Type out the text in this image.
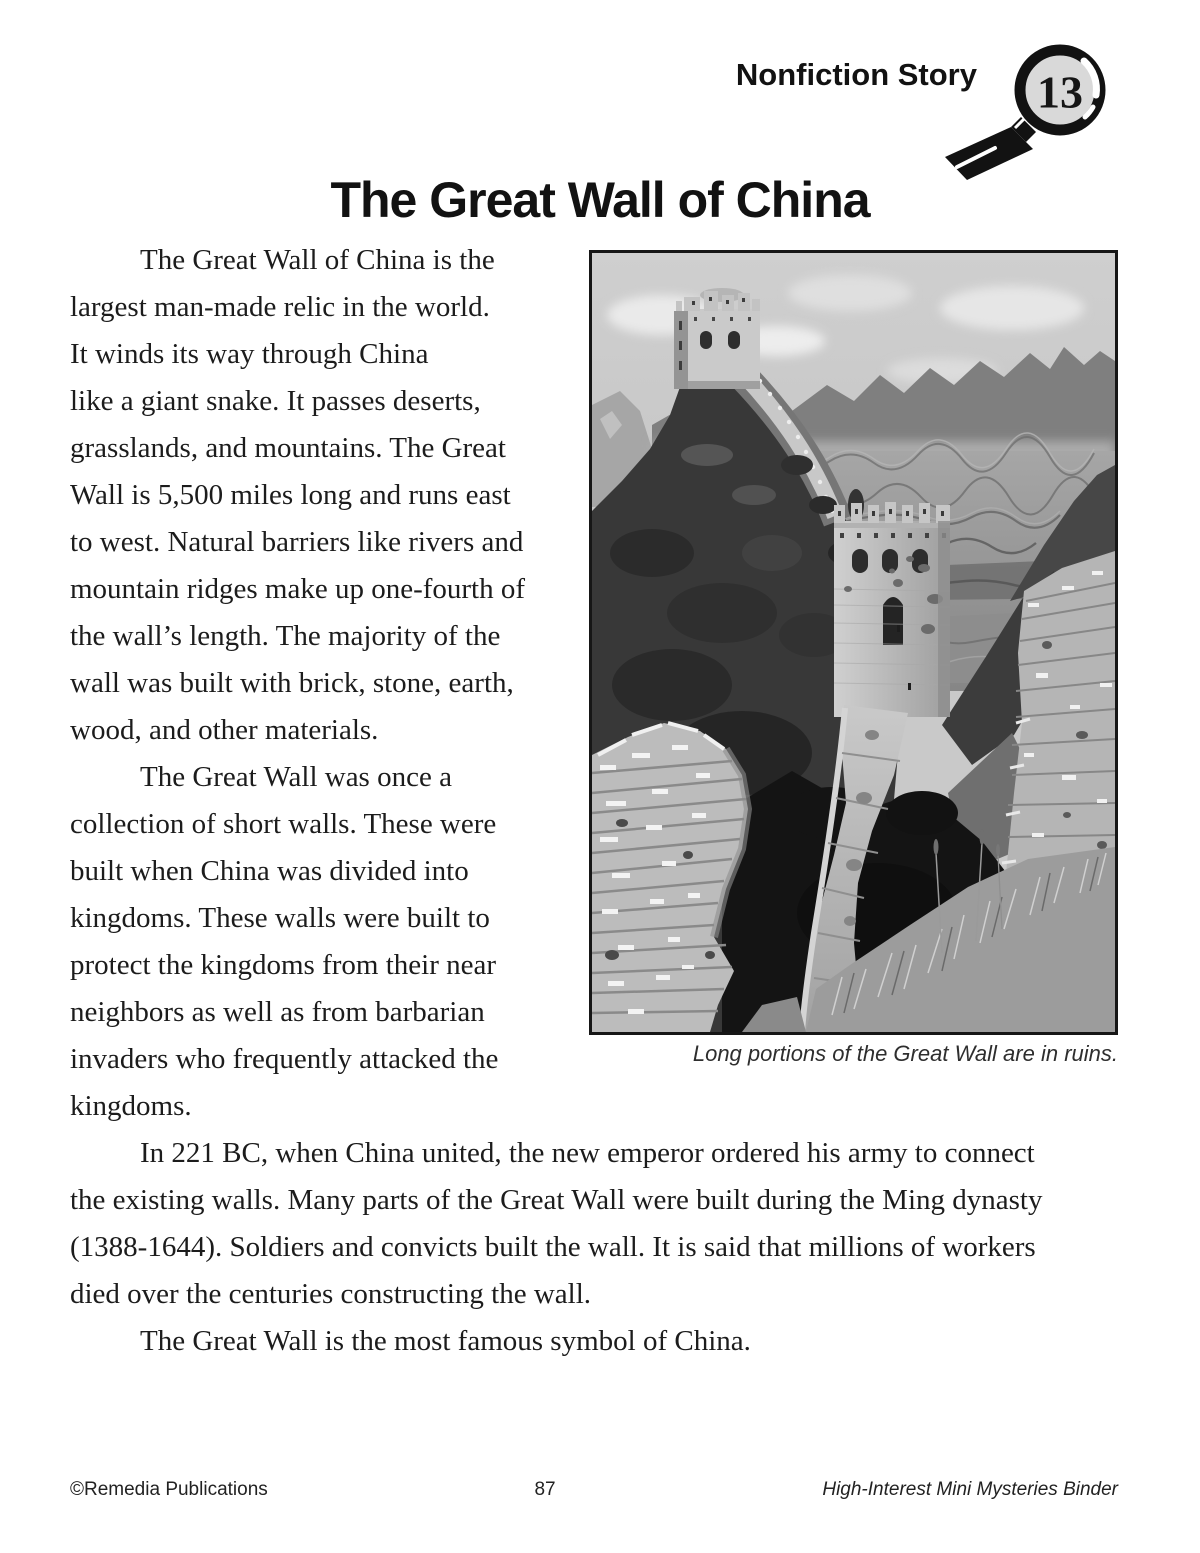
Nonfiction Story 13
The Great Wall of China
The Great Wall of China is the
largest man-made relic in the world.
It winds its way through China
like a giant snake. It passes deserts,
grasslands, and mountains. The Great
Wall is 5,500 miles long and runs east
to west. Natural barriers like rivers and
mountain ridges make up one-fourth of
the wall’s length. The majority of the
wall was built with brick, stone, earth,
wood, and other materials.
The Great Wall was once a
collection of short walls. These were
built when China was divided into
kingdoms. These walls were built to
protect the kingdoms from their near
neighbors as well as from barbarian
invaders who frequently attacked the
kingdoms.
Long portions of the Great Wall are in ruins.
In 221 BC, when China united, the new emperor ordered his army to connect
the existing walls. Many parts of the Great Wall were built during the Ming dynasty
(1388-1644). Soldiers and convicts built the wall. It is said that millions of workers
died over the centuries constructing the wall.
The Great Wall is the most famous symbol of China.
©Remedia Publications	87	High-Interest Mini Mysteries Binder
